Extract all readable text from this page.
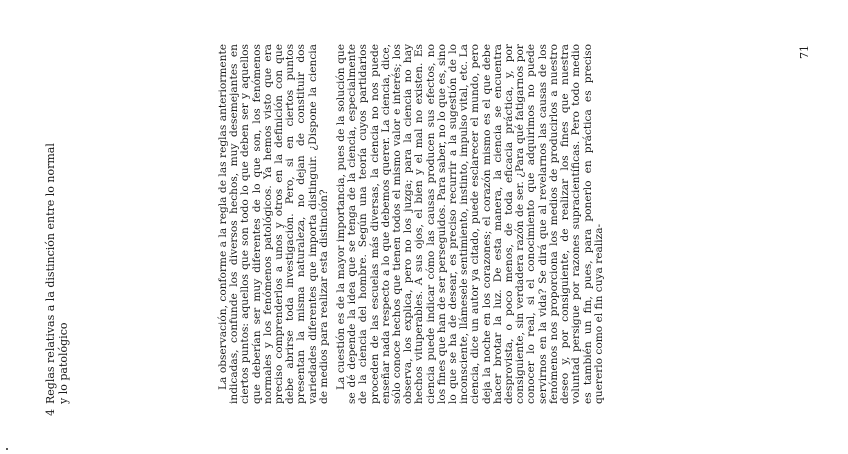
4
Reglas relativas a la distinción entre lo normal y lo patológico	La observación, conforme a la regla de las reglas anteriormente indicadas, confunde los diversos hechos, muy desemejantes en ciertos puntos: aquellos que son todo lo que deben ser y aquellos que deberían ser muy diferentes de lo que son, los fenómenos normales y los fenómenos patológicos. Ya hemos visto que era preciso comprenderlos a unos y otros en la definición con que debe abrirse toda investigación. Pero, si en ciertos puntos presentan la misma naturaleza, no dejan de constituir dos variedades diferentes que importa distinguir. ¿Dispone la ciencia de medios para realizar esta distinción? La cuestión es de la mayor importancia, pues de la solución que se dé depende la idea que se tenga de la ciencia, especialmente de la ciencia del hombre. Según una teoría cuyos partidarios proceden de las escuelas más diversas, la ciencia no nos puede enseñar nada respecto a lo que debemos querer. La ciencia, dice, sólo conoce hechos que tienen todos el mismo valor e interés; los observa, los explica, pero no los juzga; para la ciencia no hay hechos vituperables. A sus ojos, el bien y el mal no existen. Es ciencia puede indicar cómo las causas producen sus efectos, no los fines que han de ser perseguidos. Para saber, no lo que es, sino lo que se ha de desear, es preciso recurrir a la sugestión de lo inconsciente, llámesele sentimiento, instinto, impulso vital, etc. La ciencia, dice un autor ya citado, puede esclarecer el mundo, pero deja la noche en los corazones; el corazón mismo es el que debe hacer brotar la luz. De esta manera, la ciencia se encuentra desprovista, o poco menos, de toda eficacia práctica, y, por consiguiente, sin verdadera razón de ser. ¿Para qué fatigarnos por conocer lo real, si el conocimiento que adquirimos no puede servirnos en la vida? Se dirá que al revelarnos las causas de los fenómenos nos proporciona los medios de producirlos a nuestro deseo y, por consiguiente, de realizar los fines que nuestra voluntad persigue por razones supracientíficas. Pero todo medio es también un fin, pues, para ponerlo en práctica es preciso quererlo como el fin cuya realiza-

71
